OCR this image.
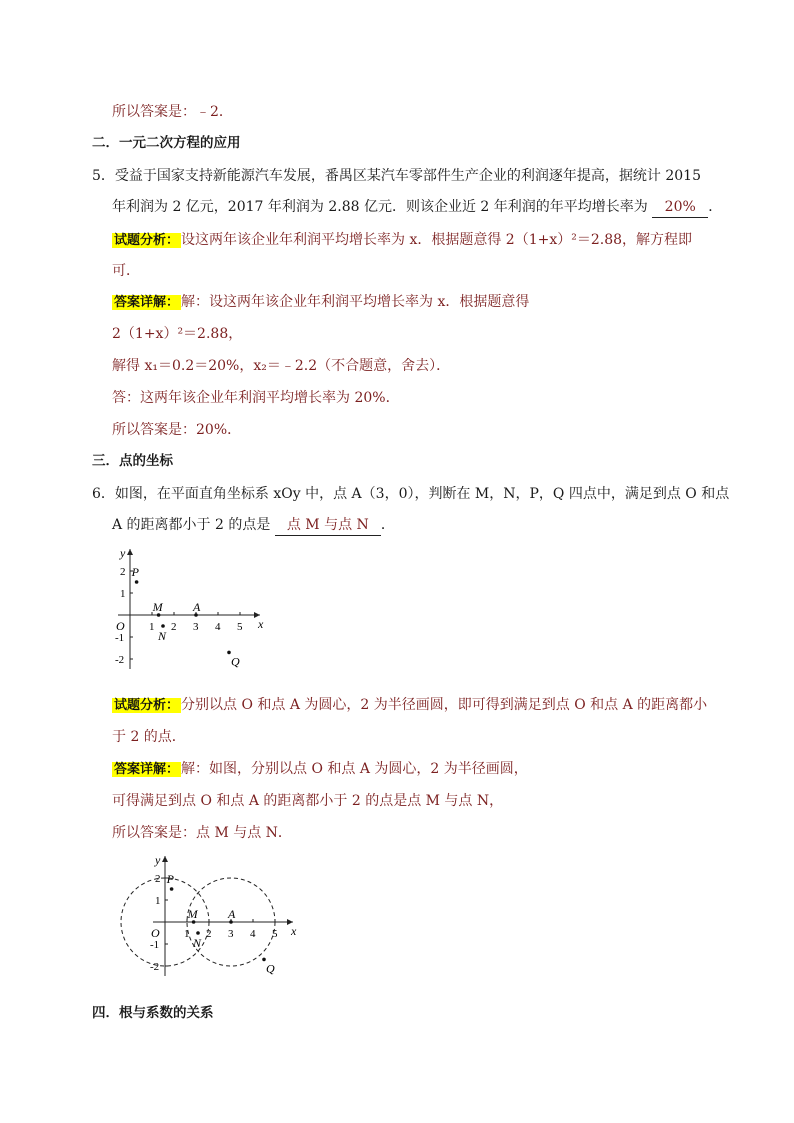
所以答案是：﹣2．
二．一元二次方程的应用
5．受益于国家支持新能源汽车发展，番禺区某汽车零部件生产企业的利润逐年提高，据统计 2015
年利润为 2 亿元，2017 年利润为 2.88 亿元．则该企业近 2 年利润的年平均增长率为 20% ．
试题分析： 设这两年该企业年利润平均增长率为 x．根据题意得 2（1+x）²＝2.88，解方程即
可．
答案详解： 解：设这两年该企业年利润平均增长率为 x．根据题意得
2（1+x）²＝2.88，
解得 x₁＝0.2＝20%，x₂＝﹣2.2（不合题意，舍去）．
答：这两年该企业年利润平均增长率为 20%．
所以答案是：20%．
三．点的坐标
6．如图，在平面直角坐标系 xOy 中，点 A（3，0），判断在 M，N，P，Q 四点中，满足到点 O 和点
A 的距离都小于 2 的点是 点 M 与点 N ．
x
y
O 1 2 3 4 5
2
1
-1
-2
P
M	A
N
Q
试题分析： 分别以点 O 和点 A 为圆心，2 为半径画圆，即可得到满足到点 O 和点 A 的距离都小
于 2 的点．
答案详解： 解：如图，分别以点 O 和点 A 为圆心，2 为半径画圆，
可得满足到点 O 和点 A 的距离都小于 2 的点是点 M 与点 N，
所以答案是：点 M 与点 N．
x
y
O 1 2 3 4 5
2
1
-1
-2
P
M	A
N
Q
四．根与系数的关系
